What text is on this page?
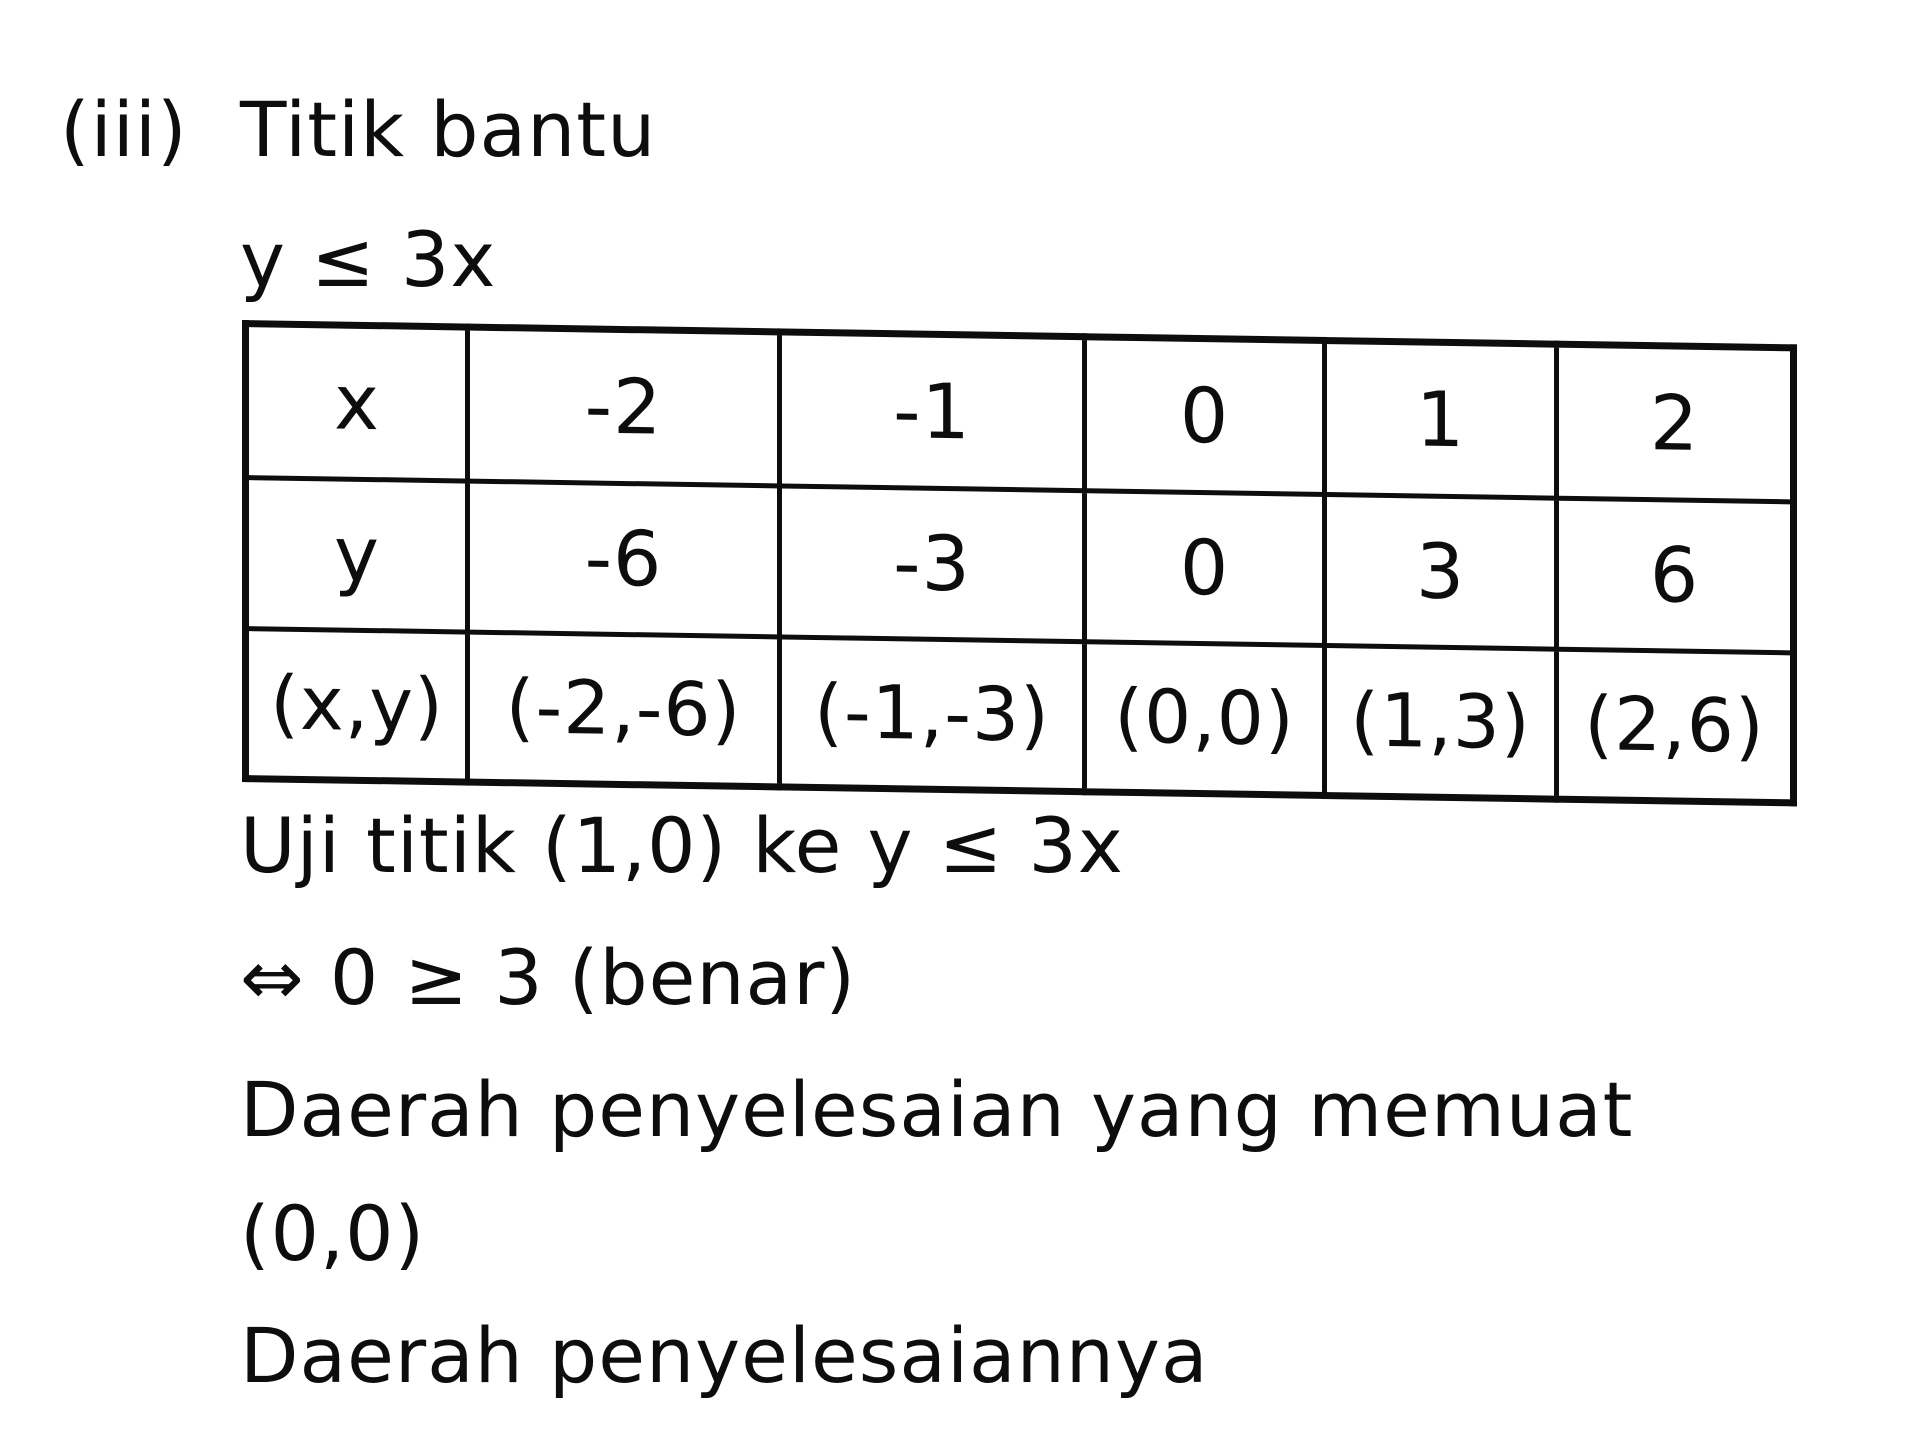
(iii) Titik bantu
y ≤ 3x
x	-2	-1	0	1	2
y	-6	-3	0	3	6
(x,y)	(-2,-6)	(-1,-3)	(0,0)	(1,3)	(2,6)
Uji titik (1,0) ke y ≤ 3x
⇔ 0 ≥ 3 (benar)
Daerah penyelesaian yang memuat
(0,0)
Daerah penyelesaiannya
